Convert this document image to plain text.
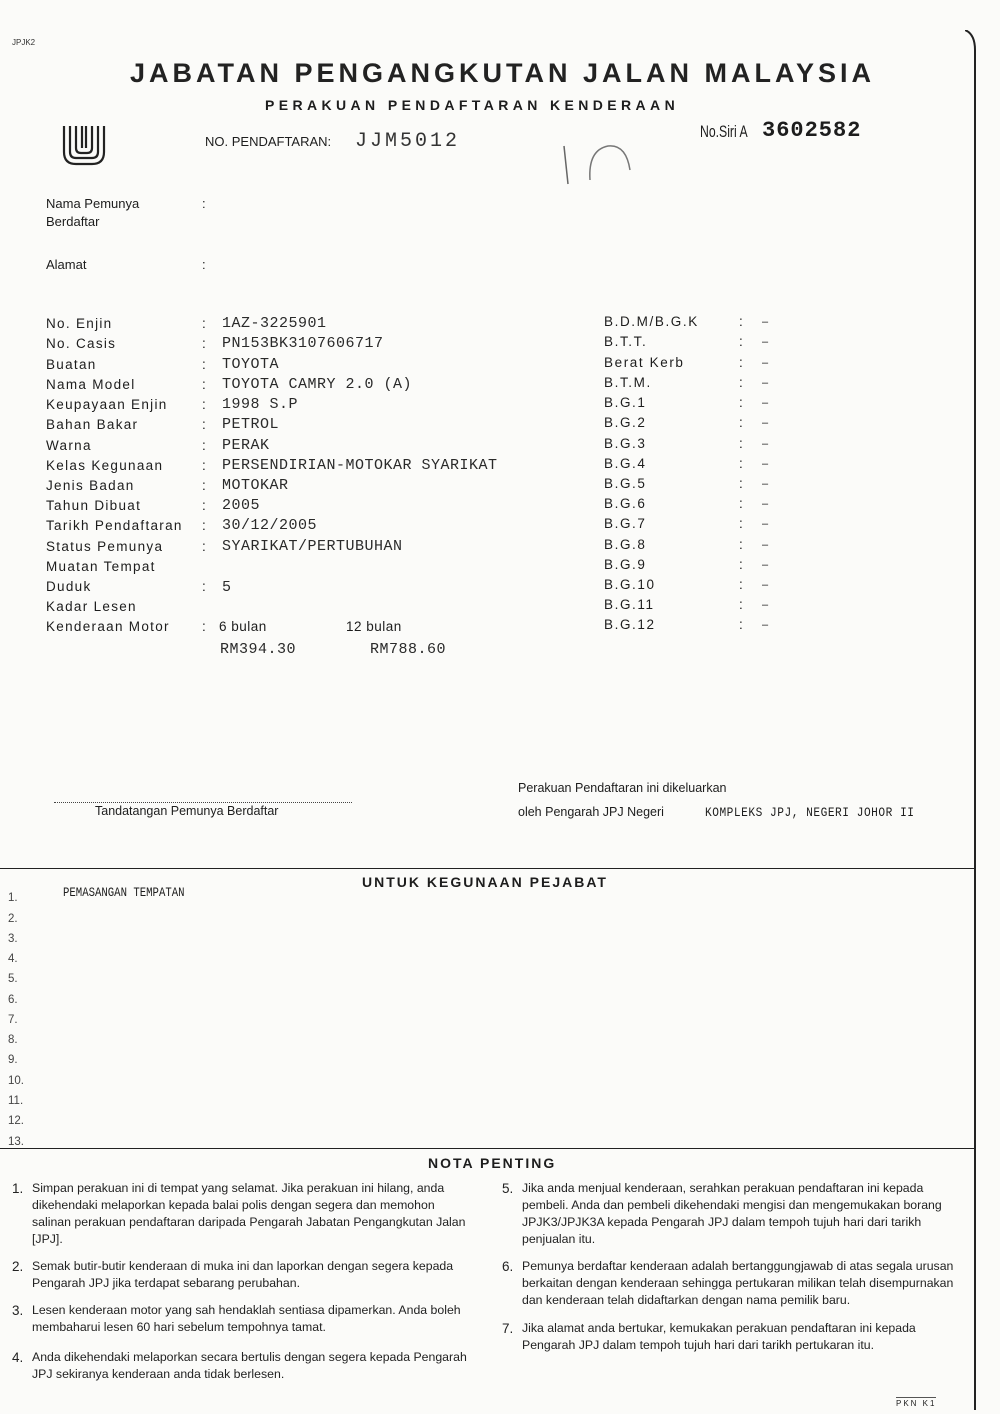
JPJK2
JABATAN PENGANGKUTAN JALAN MALAYSIA
PERAKUAN PENDAFTARAN KENDERAAN
NO. PENDAFTARAN: JJM5012	No.Siri A 3602582
Nama Pemunya
Berdaftar
:
Alamat	:
No. Enjin	: 1AZ-3225901
No. Casis	: PN153BK3107606717
Buatan	: TOYOTA
Nama Model	: TOYOTA CAMRY 2.0 (A)
Keupayaan Enjin	: 1998 S.P
Bahan Bakar	: PETROL
Warna	: PERAK
Kelas Kegunaan	: PERSENDIRIAN-MOTOKAR SYARIKAT
Jenis Badan	: MOTOKAR
Tahun Dibuat	: 2005
Tarikh Pendaftaran : 30/12/2005
Status Pemunya	: SYARIKAT/PERTUBUHAN
Muatan Tempat
Duduk	: 5
Kadar Lesen
Kenderaan Motor : 6 bulan	12 bulan
RM394.30	RM788.60
B.D.M/B.G.K	: –
B.T.T.	: –
Berat Kerb	: –
B.T.M.	: –
B.G.1	: –
B.G.2	: –
B.G.3	: –
B.G.4	: –
B.G.5	: –
B.G.6	: –
B.G.7	: –
B.G.8	: –
B.G.9	: –
B.G.10	: –
B.G.11	: –
B.G.12	: –
Tandatangan Pemunya Berdaftar
Perakuan Pendaftaran ini dikeluarkan
oleh Pengarah JPJ Negeri	KOMPLEKS JPJ, NEGERI JOHOR II
UNTUK KEGUNAAN PEJABAT
PEMASANGAN TEMPATAN
1.
2.
3.
4.
5.
6.
7.
8.
9.
10.
11.
12.
13.
NOTA PENTING
1. Simpan perakuan ini di tempat yang selamat. Jika perakuan ini hilang, anda dikehendaki melaporkan kepada balai polis dengan segera dan memohon salinan perakuan pendaftaran daripada Pengarah Jabatan Pengangkutan Jalan [JPJ].
2. Semak butir-butir kenderaan di muka ini dan laporkan dengan segera kepada Pengarah JPJ jika terdapat sebarang perubahan.
3. Lesen kenderaan motor yang sah hendaklah sentiasa dipamerkan. Anda boleh membaharui lesen 60 hari sebelum tempohnya tamat.
4. Anda dikehendaki melaporkan secara bertulis dengan segera kepada Pengarah JPJ sekiranya kenderaan anda tidak berlesen.
5. Jika anda menjual kenderaan, serahkan perakuan pendaftaran ini kepada pembeli. Anda dan pembeli dikehendaki mengisi dan mengemukakan borang JPJK3/JPJK3A kepada Pengarah JPJ dalam tempoh tujuh hari dari tarikh penjualan itu.
6. Pemunya berdaftar kenderaan adalah bertanggungjawab di atas segala urusan berkaitan dengan kenderaan sehingga pertukaran milikan telah disempurnakan dan kenderaan telah didaftarkan dengan nama pemilik baru.
7. Jika alamat anda bertukar, kemukakan perakuan pendaftaran ini kepada Pengarah JPJ dalam tempoh tujuh hari dari tarikh pertukaran itu.
PKN K1
